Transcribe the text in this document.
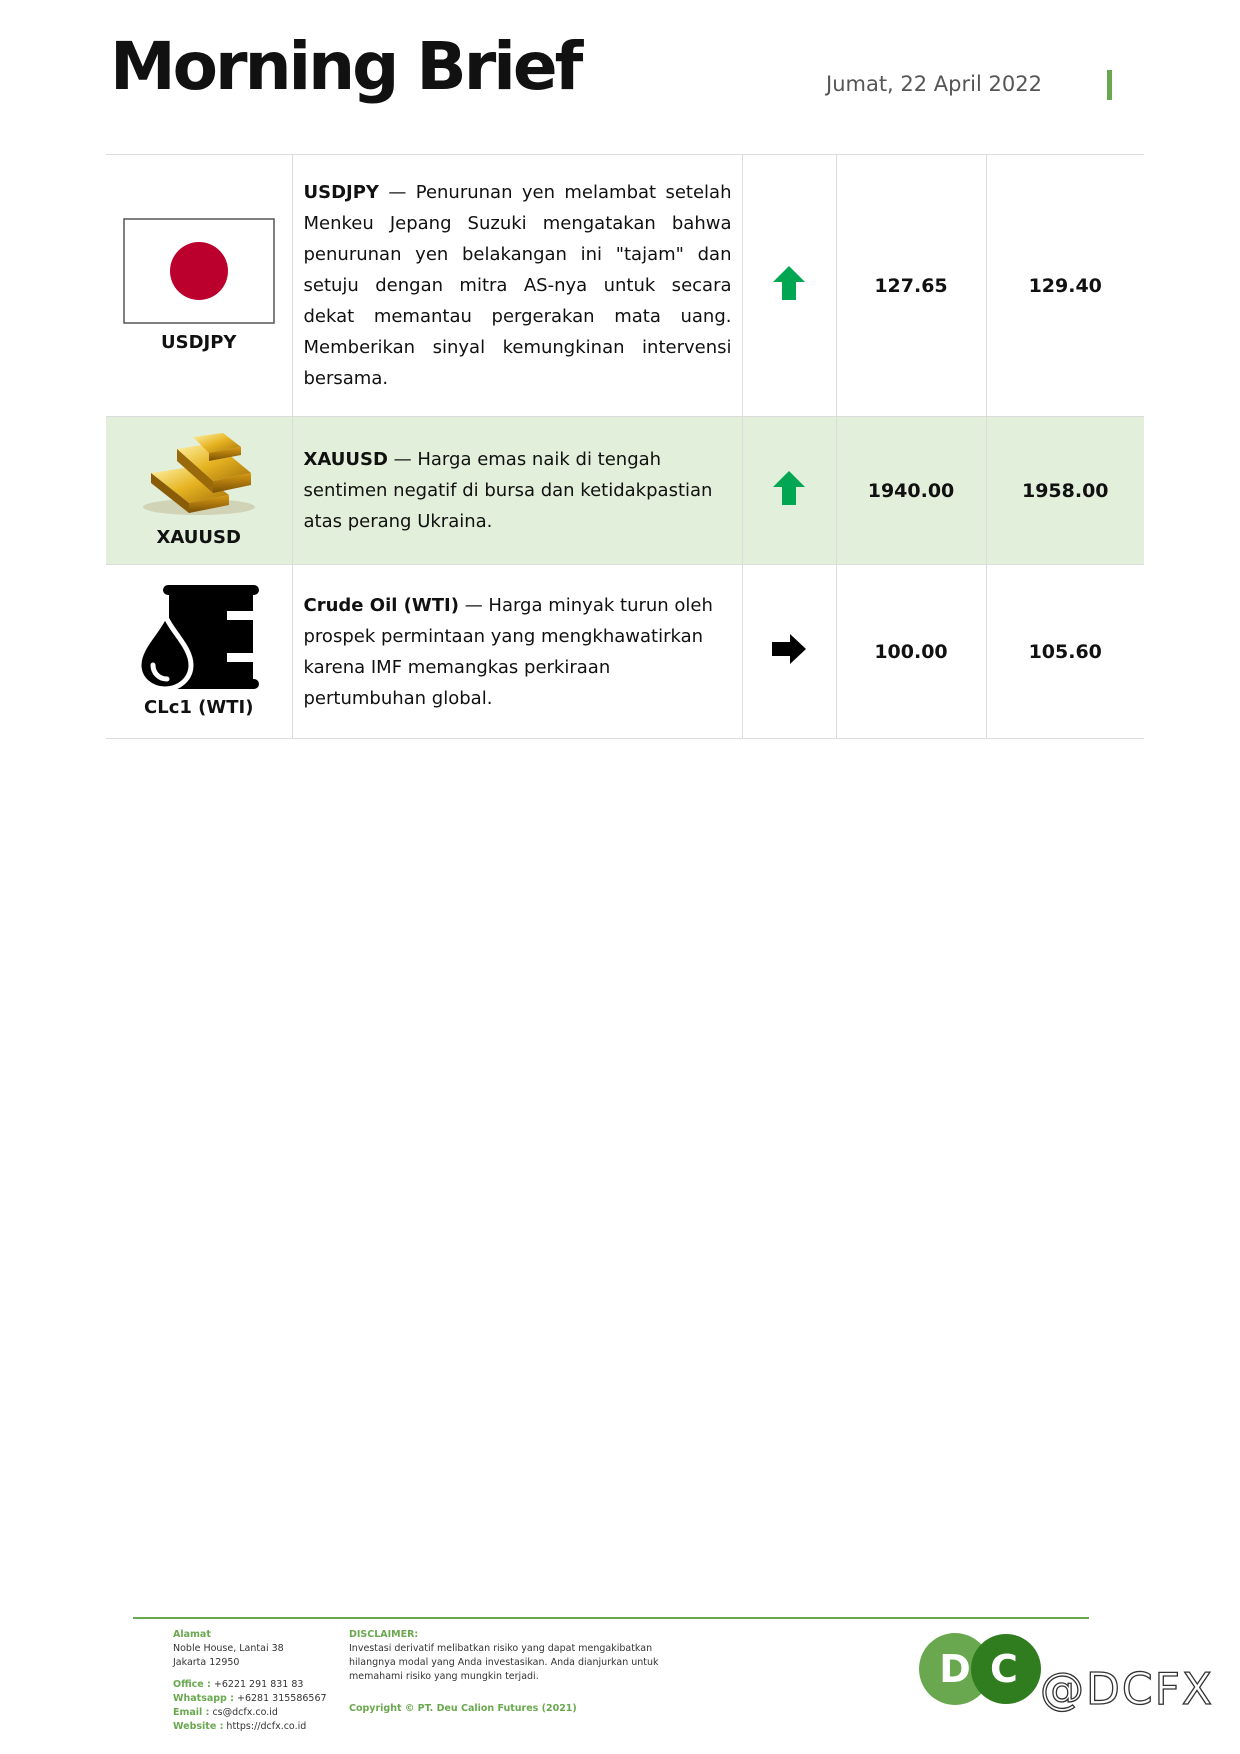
Morning Brief	Jumat, 22 April 2022
USDJPY	USDJPY — Penurunan yen melambat setelah Menkeu Jepang Suzuki mengatakan bahwa penurunan yen belakangan ini "tajam" dan setuju dengan mitra AS-nya untuk secara dekat memantau pergerakan mata uang. Memberikan sinyal kemungkinan intervensi bersama.		127.65	129.40

XAUUSD	XAUUSD — Harga emas naik di tengah sentimen negatif di bursa dan ketidakpastian atas perang Ukraina.		1940.00	1958.00

CLc1 (WTI)	Crude Oil (WTI) — Harga minyak turun oleh prospek permintaan yang mengkhawatirkan karena IMF memangkas perkiraan pertumbuhan global.		100.00	105.60
Alamat
Noble House, Lantai 38
Jakarta 12950
Office : +6221 291 831 83
Whatsapp : +6281 315586567
Email : cs@dcfx.co.id
Website : https://dcfx.co.id
DISCLAIMER:
Investasi derivatif melibatkan risiko yang dapat mengakibatkan hilangnya modal yang Anda investasikan. Anda dianjurkan untuk memahami risiko yang mungkin terjadi.
Copyright © PT. Deu Calion Futures (2021)
D C @DCFX
